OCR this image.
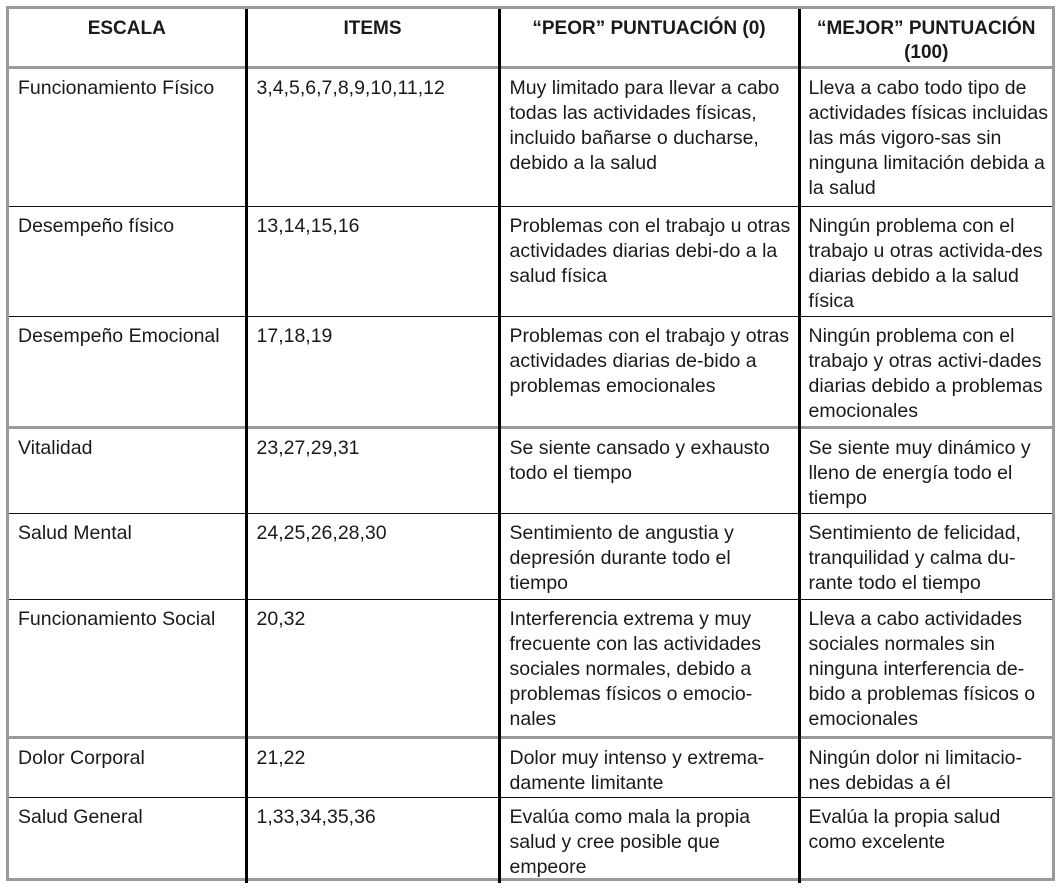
ESCALA	ITEMS	“PEOR” PUNTUACIÓN (0)	“MEJOR” PUNTUACIÓN (100)
Funcionamiento Físico	3,4,5,6,7,8,9,10,11,12	Muy limitado para llevar a cabo todas las actividades físicas, incluido bañarse o ducharse, debido a la salud	Lleva a cabo todo tipo de actividades físicas incluidas las más vigoro-sas sin ninguna limitación debida a la salud
Desempeño físico	13,14,15,16	Problemas con el trabajo u otras actividades diarias debi-do a la salud física	Ningún problema con el trabajo u otras activida-des diarias debido a la salud física
Desempeño Emocional	17,18,19	Problemas con el trabajo y otras actividades diarias de-bido a problemas emocionales	Ningún problema con el trabajo y otras activi-dades diarias debido a problemas emocionales
Vitalidad	23,27,29,31	Se siente cansado y exhausto todo el tiempo	Se siente muy dinámico y lleno de energía todo el tiempo
Salud Mental	24,25,26,28,30	Sentimiento de angustia y depresión durante todo el tiempo	Sentimiento de felicidad, tranquilidad y calma du-rante todo el tiempo
Funcionamiento Social	20,32	Interferencia extrema y muy frecuente con las actividades sociales normales, debido a problemas físicos o emocio-nales	Lleva a cabo actividades sociales normales sin ninguna interferencia de-bido a problemas físicos o emocionales
Dolor Corporal	21,22	Dolor muy intenso y extrema-damente limitante	Ningún dolor ni limitacio-nes debidas a él
Salud General	1,33,34,35,36	Evalúa como mala la propia salud y cree posible que empeore	Evalúa la propia salud como excelente
